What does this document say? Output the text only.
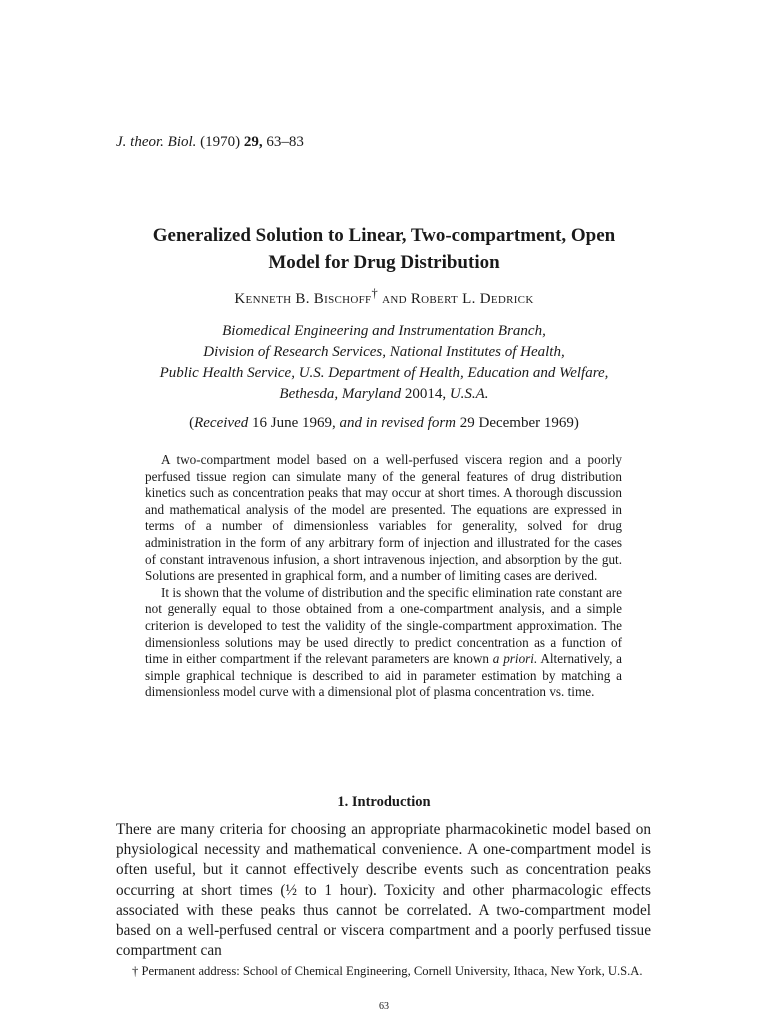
J. theor. Biol. (1970) 29, 63–83
Generalized Solution to Linear, Two-compartment, Open
Model for Drug Distribution
Kenneth B. Bischoff† and Robert L. Dedrick
Biomedical Engineering and Instrumentation Branch,
Division of Research Services, National Institutes of Health,
Public Health Service, U.S. Department of Health, Education and Welfare,
Bethesda, Maryland 20014, U.S.A.
(Received 16 June 1969, and in revised form 29 December 1969)

A two-compartment model based on a well-perfused viscera region and a poorly perfused tissue region can simulate many of the general features of drug distribution kinetics such as concentration peaks that may occur at short times. A thorough discussion and mathematical analysis of the model are presented. The equations are expressed in terms of a number of dimensionless variables for generality, solved for drug administration in the form of any arbitrary form of injection and illustrated for the cases of constant intravenous infusion, a short intravenous injection, and absorption by the gut. Solutions are presented in graphical form, and a number of limiting cases are derived.

It is shown that the volume of distribution and the specific elimination rate constant are not generally equal to those obtained from a one-compartment analysis, and a simple criterion is developed to test the validity of the single-compartment approximation. The dimensionless solutions may be used directly to predict concentration as a function of time in either compartment if the relevant parameters are known a priori. Alternatively, a simple graphical technique is described to aid in parameter estimation by matching a dimensionless model curve with a dimensional plot of plasma concentration vs. time.

1. Introduction

There are many criteria for choosing an appropriate pharmacokinetic model based on physiological necessity and mathematical convenience. A one-compartment model is often useful, but it cannot effectively describe events such as concentration peaks occurring at short times (½ to 1 hour). Toxicity and other pharmacologic effects associated with these peaks thus cannot be correlated. A two-compartment model based on a well-perfused central or viscera compartment and a poorly perfused tissue compartment can

† Permanent address: School of Chemical Engineering, Cornell University, Ithaca, New York, U.S.A.

63
